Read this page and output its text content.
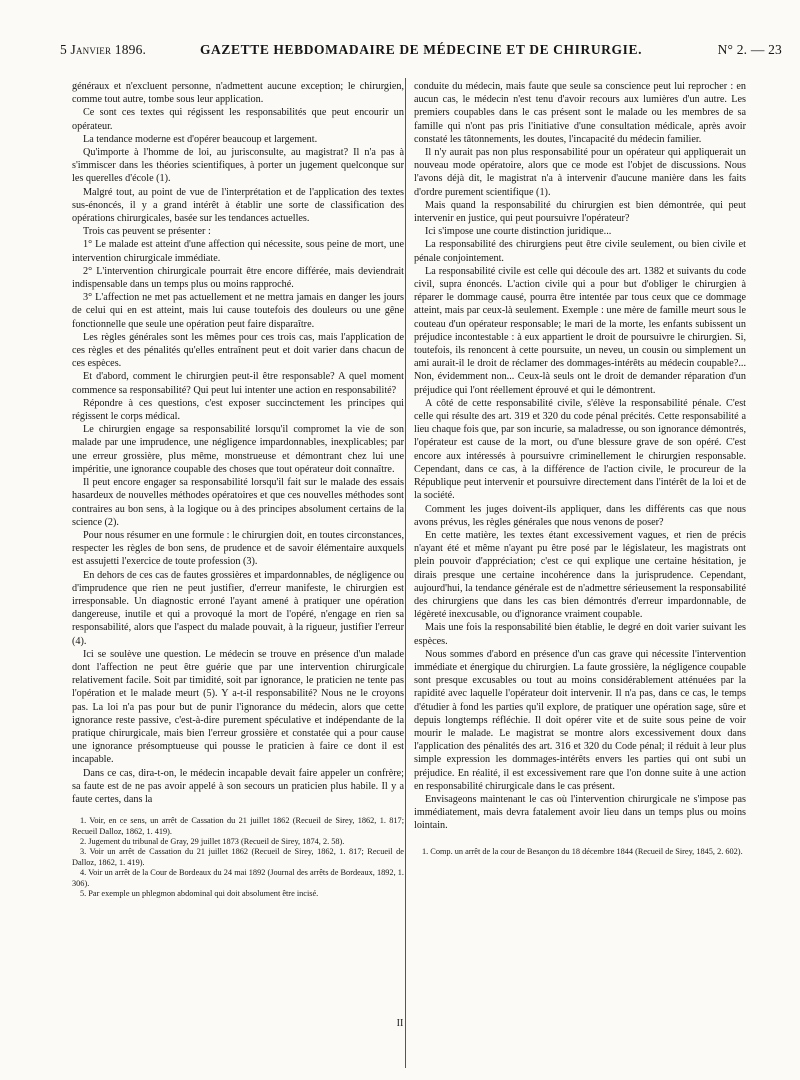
5 Janvier 1896.	GAZETTE HEBDOMADAIRE DE MÉDECINE ET DE CHIRURGIE.	N° 2. — 23

généraux et n'excluent personne, n'admettent aucune exception; le chirurgien, comme tout autre, tombe sous leur application.

Ce sont ces textes qui régissent les responsabilités que peut encourir un opérateur.

La tendance moderne est d'opérer beaucoup et largement.

Qu'importe à l'homme de loi, au jurisconsulte, au magistrat? Il n'a pas à s'immiscer dans les théories scientifiques, à porter un jugement quelconque sur les querelles d'école (1).

Malgré tout, au point de vue de l'interprétation et de l'application des textes sus-énoncés, il y a grand intérêt à établir une sorte de classification des opérations chirurgicales, basée sur les tendances actuelles.

Trois cas peuvent se présenter :

1° Le malade est atteint d'une affection qui nécessite, sous peine de mort, une intervention chirurgicale immédiate.

2° L'intervention chirurgicale pourrait être encore différée, mais deviendrait indispensable dans un temps plus ou moins rapproché.

3° L'affection ne met pas actuellement et ne mettra jamais en danger les jours de celui qui en est atteint, mais lui cause toutefois des douleurs ou une gêne fonctionnelle que seule une opération peut faire disparaître.

Les règles générales sont les mêmes pour ces trois cas, mais l'application de ces règles et des pénalités qu'elles entraînent peut et doit varier dans chacun de ces espèces.

Et d'abord, comment le chirurgien peut-il être responsable? A quel moment commence sa responsabilité? Qui peut lui intenter une action en responsabilité?

Répondre à ces questions, c'est exposer succinctement les principes qui régissent le corps médical.

Le chirurgien engage sa responsabilité lorsqu'il compromet la vie de son malade par une imprudence, une négligence impardonnables, inexplicables; par une erreur grossière, plus même, monstrueuse et démontrant chez lui une impéritie, une ignorance coupable des choses que tout opérateur doit connaître.

Il peut encore engager sa responsabilité lorsqu'il fait sur le malade des essais hasardeux de nouvelles méthodes opératoires et que ces nouvelles méthodes sont contraires au bon sens, à la logique ou à des principes absolument certains de la science (2).

Pour nous résumer en une formule : le chirurgien doit, en toutes circonstances, respecter les règles de bon sens, de prudence et de savoir élémentaire auxquels est assujetti l'exercice de toute profession (3).

En dehors de ces cas de fautes grossières et impardonnables, de négligence ou d'imprudence que rien ne peut justifier, d'erreur manifeste, le chirurgien est irresponsable. Un diagnostic erroné l'ayant amené à pratiquer une opération dangereuse, inutile et qui a provoqué la mort de l'opéré, n'engage en rien sa responsabilité, alors que l'aspect du malade pouvait, à la rigueur, justifier l'erreur (4).

Ici se soulève une question. Le médecin se trouve en présence d'un malade dont l'affection ne peut être guérie que par une intervention chirurgicale relativement facile. Soit par timidité, soit par ignorance, le praticien ne tente pas l'opération et le malade meurt (5). Y a-t-il responsabilité? Nous ne le croyons pas. La loi n'a pas pour but de punir l'ignorance du médecin, alors que cette ignorance reste passive, c'est-à-dire purement spéculative et indépendante de la pratique chirurgicale, mais bien l'erreur grossière et constatée qui a pour cause une ignorance présomptueuse qui pousse le praticien à faire ce dont il est incapable.

Dans ce cas, dira-t-on, le médecin incapable devait faire appeler un confrère; sa faute est de ne pas avoir appelé à son secours un praticien plus habile. Il y a faute certes, dans la

1. Voir, en ce sens, un arrêt de Cassation du 21 juillet 1862 (Recueil de Sirey, 1862, 1. 817; Recueil Dalloz, 1862, 1. 419).

2. Jugement du tribunal de Gray, 29 juillet 1873 (Recueil de Sirey, 1874, 2. 58).

3. Voir un arrêt de Cassation du 21 juillet 1862 (Recueil de Sirey, 1862, 1. 817; Recueil de Dalloz, 1862, 1. 419).

4. Voir un arrêt de la Cour de Bordeaux du 24 mai 1892 (Journal des arrêts de Bordeaux, 1892, 1. 306).

5. Par exemple un phlegmon abdominal qui doit absolument être incisé.

conduite du médecin, mais faute que seule sa conscience peut lui reprocher : en aucun cas, le médecin n'est tenu d'avoir recours aux lumières d'un autre. Les premiers coupables dans le cas présent sont le malade ou les membres de sa famille qui n'ont pas pris l'initiative d'une consultation médicale, après avoir constaté les tâtonnements, les doutes, l'incapacité du médecin familier.

Il n'y aurait pas non plus responsabilité pour un opérateur qui appliquerait un nouveau mode opératoire, alors que ce mode est l'objet de discussions. Nous l'avons déjà dit, le magistrat n'a à intervenir d'aucune manière dans les faits d'ordre purement scientifique (1).

Mais quand la responsabilité du chirurgien est bien démontrée, qui peut intervenir en justice, qui peut poursuivre l'opérateur?

Ici s'impose une courte distinction juridique...

La responsabilité des chirurgiens peut être civile seulement, ou bien civile et pénale conjointement.

La responsabilité civile est celle qui découle des art. 1382 et suivants du code civil, supra énoncés. L'action civile qui a pour but d'obliger le chirurgien à réparer le dommage causé, pourra être intentée par tous ceux que ce dommage atteint, mais par ceux-là seulement. Exemple : une mère de famille meurt sous le couteau d'un opérateur responsable; le mari de la morte, les enfants subissent un préjudice incontestable : à eux appartient le droit de poursuivre le chirurgien. Si, toutefois, ils renoncent à cette poursuite, un neveu, un cousin ou simplement un ami aurait-il le droit de réclamer des dommages-intérêts au médecin coupable?... Non, évidemment non... Ceux-là seuls ont le droit de demander réparation d'un préjudice qui l'ont réellement éprouvé et qui le démontrent.

A côté de cette responsabilité civile, s'élève la responsabilité pénale. C'est celle qui résulte des art. 319 et 320 du code pénal précités. Cette responsabilité a lieu chaque fois que, par son incurie, sa maladresse, ou son ignorance démontrés, l'opérateur est cause de la mort, ou d'une blessure grave de son opéré. C'est encore aux intéressés à poursuivre criminellement le chirurgien responsable. Cependant, dans ce cas, à la différence de l'action civile, le procureur de la République peut intervenir et poursuivre directement dans l'intérêt de la loi et de la société.

Comment les juges doivent-ils appliquer, dans les différents cas que nous avons prévus, les règles générales que nous venons de poser?

En cette matière, les textes étant excessivement vagues, et rien de précis n'ayant été et même n'ayant pu être posé par le législateur, les magistrats ont plein pouvoir d'appréciation; c'est ce qui explique une certaine hésitation, je dirais presque une certaine incohérence dans la jurisprudence. Cependant, aujourd'hui, la tendance générale est de n'admettre sérieusement la responsabilité des chirurgiens que dans les cas bien démontrés d'erreur impardonnable, de légèreté inexcusable, ou d'ignorance vraiment coupable.

Mais une fois la responsabilité bien établie, le degré en doit varier suivant les espèces.

Nous sommes d'abord en présence d'un cas grave qui nécessite l'intervention immédiate et énergique du chirurgien. La faute grossière, la négligence coupable sont presque excusables ou tout au moins considérablement atténuées par la rapidité avec laquelle l'opérateur doit intervenir. Il n'a pas, dans ce cas, le temps d'étudier à fond les parties qu'il explore, de pratiquer une opération sage, sûre et depuis longtemps réfléchie. Il doit opérer vite et de suite sous peine de voir mourir le malade. Le magistrat se montre alors excessivement doux dans l'application des pénalités des art. 316 et 320 du Code pénal; il réduit à leur plus simple expression les dommages-intérêts envers les parties qui ont subi un préjudice. En réalité, il est excessivement rare que l'on donne suite à une action en responsabilité chirurgicale dans le cas présent.

Envisageons maintenant le cas où l'intervention chirurgicale ne s'impose pas immédiatement, mais devra fatalement avoir lieu dans un temps plus ou moins lointain.

1. Comp. un arrêt de la cour de Besançon du 18 décembre 1844 (Recueil de Sirey, 1845, 2. 602).

II
